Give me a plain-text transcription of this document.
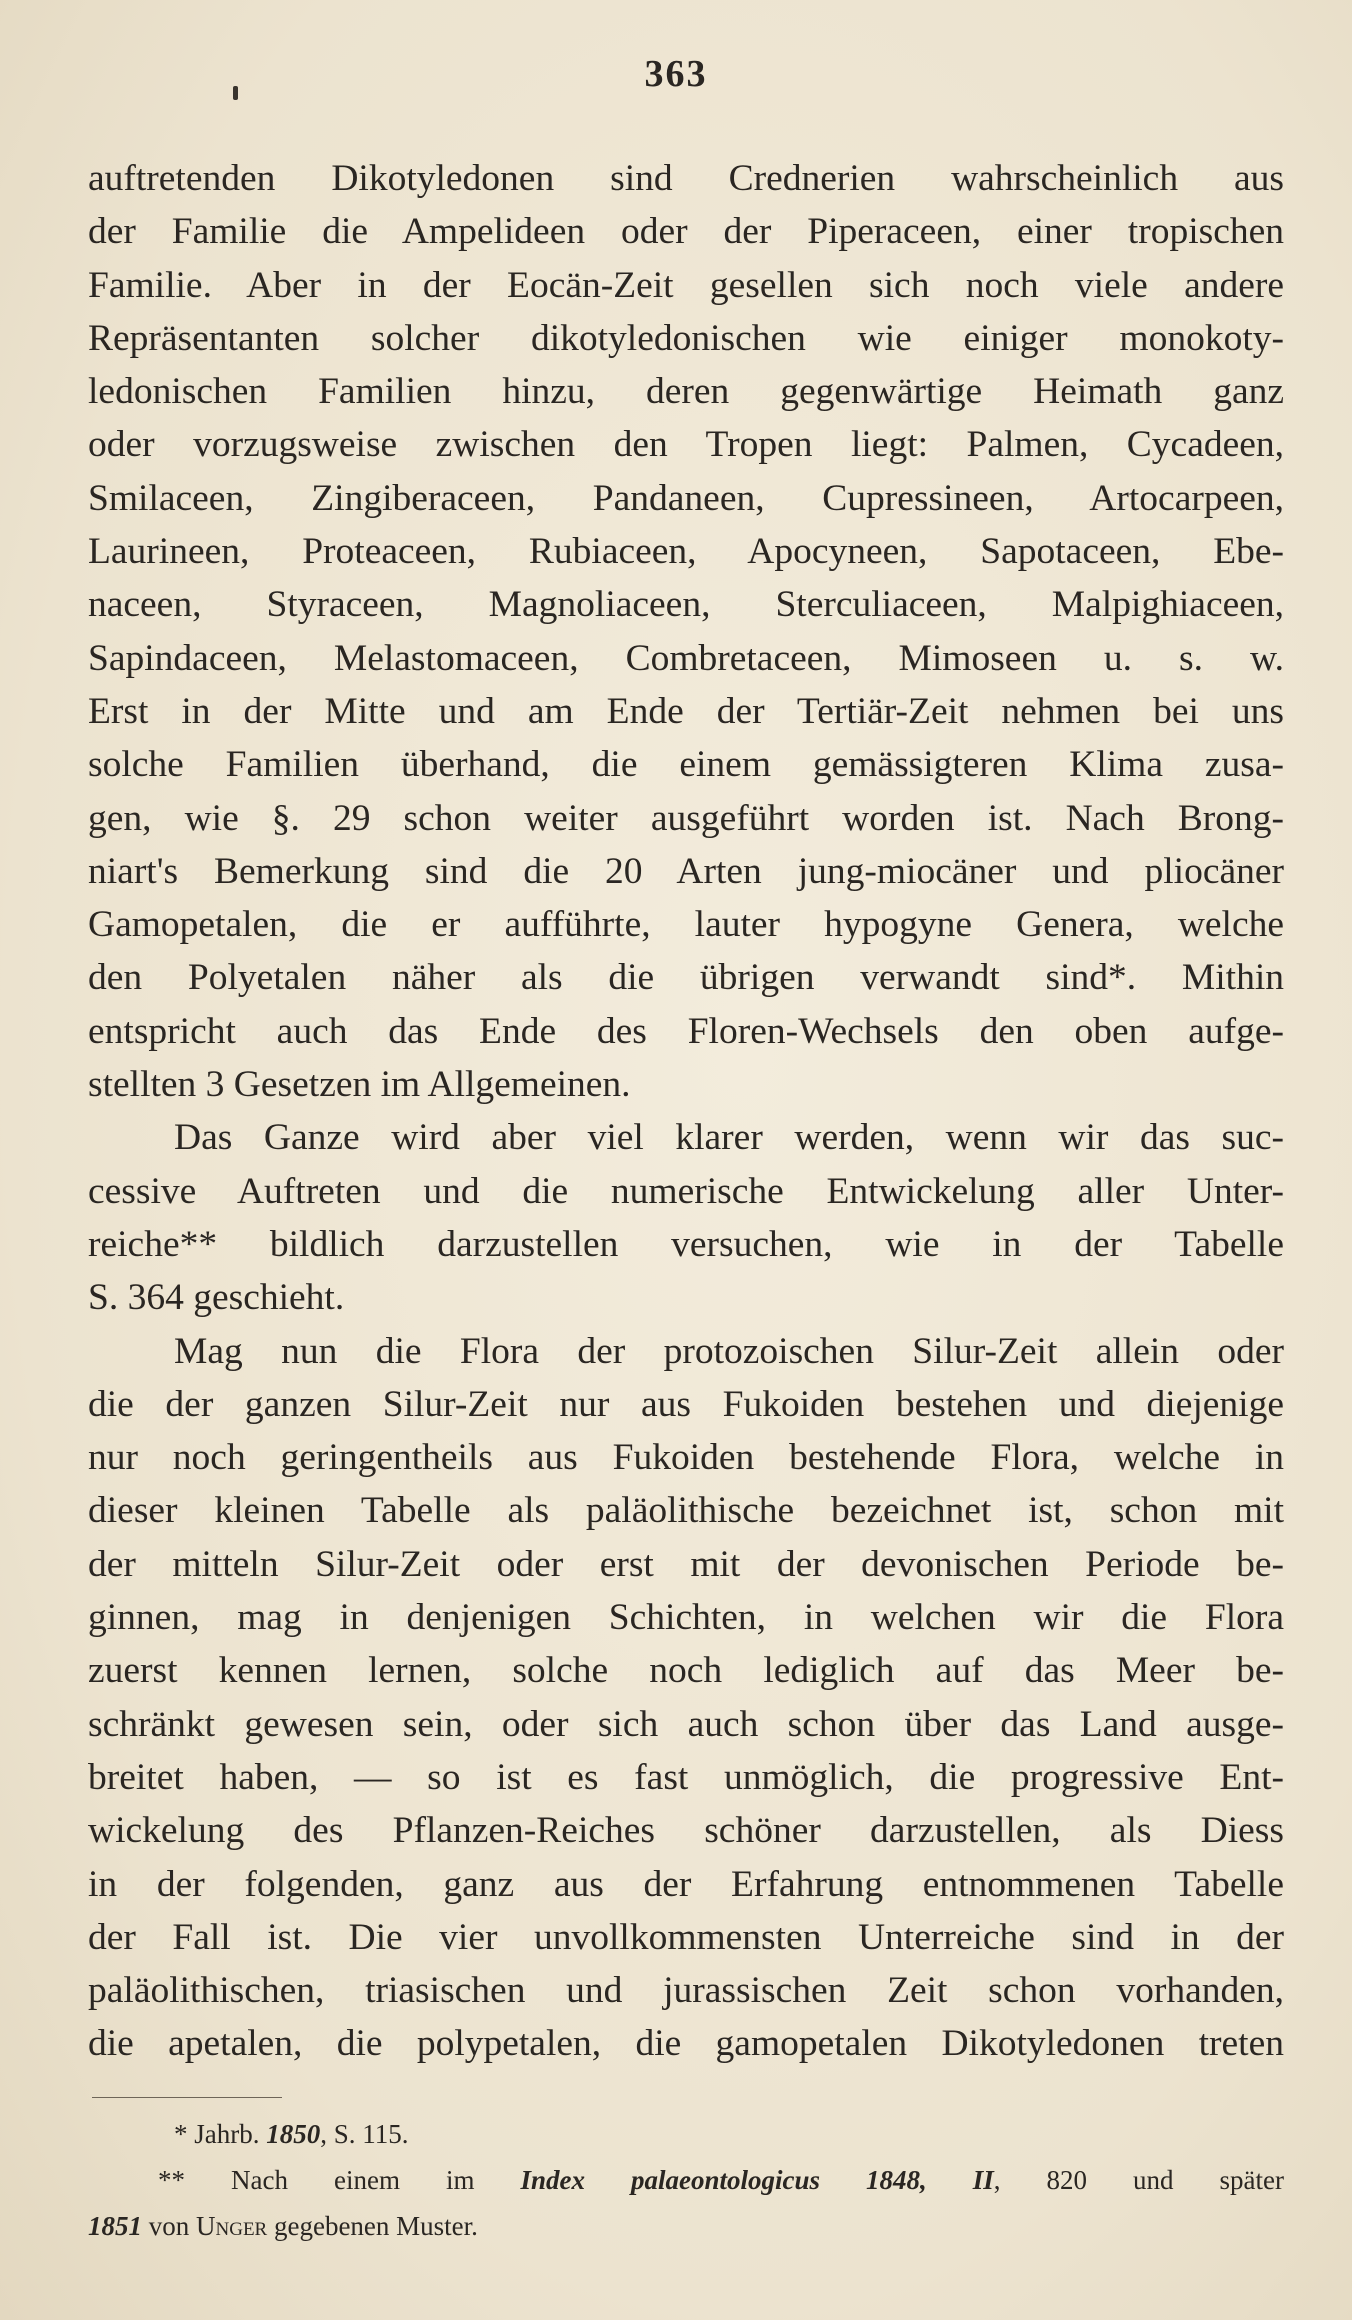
363
auftretenden Dikotyledonen sind Crednerien wahrscheinlich aus
der Familie die Ampelideen oder der Piperaceen, einer tropischen
Familie. Aber in der Eocän-Zeit gesellen sich noch viele andere
Repräsentanten solcher dikotyledonischen wie einiger monokoty-
ledonischen Familien hinzu, deren gegenwärtige Heimath ganz
oder vorzugsweise zwischen den Tropen liegt: Palmen, Cycadeen,
Smilaceen, Zingiberaceen, Pandaneen, Cupressineen, Artocarpeen,
Laurineen, Proteaceen, Rubiaceen, Apocyneen, Sapotaceen, Ebe-
naceen, Styraceen, Magnoliaceen, Sterculiaceen, Malpighiaceen,
Sapindaceen, Melastomaceen, Combretaceen, Mimoseen u. s. w.
Erst in der Mitte und am Ende der Tertiär-Zeit nehmen bei uns
solche Familien überhand, die einem gemässigteren Klima zusa-
gen, wie §. 29 schon weiter ausgeführt worden ist. Nach Brong-
niart's Bemerkung sind die 20 Arten jung-miocäner und pliocäner
Gamopetalen, die er aufführte, lauter hypogyne Genera, welche
den Polyetalen näher als die übrigen verwandt sind*. Mithin
entspricht auch das Ende des Floren-Wechsels den oben aufge-
stellten 3 Gesetzen im Allgemeinen.
Das Ganze wird aber viel klarer werden, wenn wir das suc-
cessive Auftreten und die numerische Entwickelung aller Unter-
reiche** bildlich darzustellen versuchen, wie in der Tabelle
S. 364 geschieht.
Mag nun die Flora der protozoischen Silur-Zeit allein oder
die der ganzen Silur-Zeit nur aus Fukoiden bestehen und diejenige
nur noch geringentheils aus Fukoiden bestehende Flora, welche in
dieser kleinen Tabelle als paläolithische bezeichnet ist, schon mit
der mitteln Silur-Zeit oder erst mit der devonischen Periode be-
ginnen, mag in denjenigen Schichten, in welchen wir die Flora
zuerst kennen lernen, solche noch lediglich auf das Meer be-
schränkt gewesen sein, oder sich auch schon über das Land ausge-
breitet haben, — so ist es fast unmöglich, die progressive Ent-
wickelung des Pflanzen-Reiches schöner darzustellen, als Diess
in der folgenden, ganz aus der Erfahrung entnommenen Tabelle
der Fall ist. Die vier unvollkommensten Unterreiche sind in der
paläolithischen, triasischen und jurassischen Zeit schon vorhanden,
die apetalen, die polypetalen, die gamopetalen Dikotyledonen treten
* Jahrb. 1850, S. 115.
** Nach einem im Index palaeontologicus 1848, II, 820 und später
1851 von Unger gegebenen Muster.
